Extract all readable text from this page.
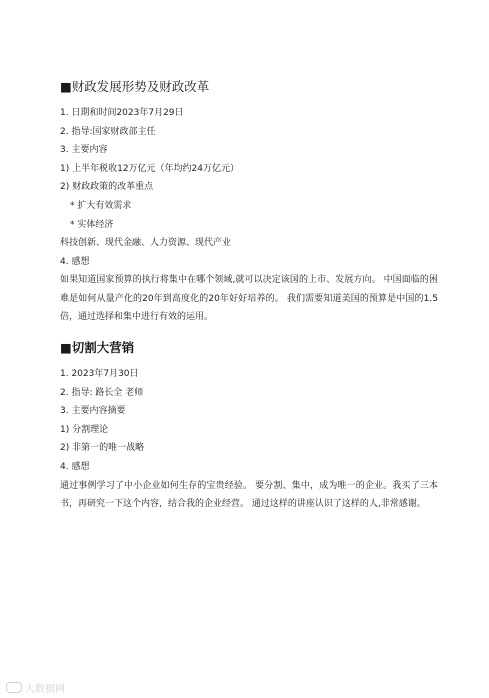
■财政发展形势及财政改革
1. 日期和时间2023年7月29日
2. 指导:国家财政部主任
3. 主要内容
1) 上半年税收12万亿元（年均约24万亿元）
2) 财政政策的改革重点
* 扩大有效需求
* 实体经济
科技创新、现代金融、人力资源、现代产业
4. 感想
如果知道国家预算的执行将集中在哪个领域,就可以决定该国的上市、发展方向。 中国面临的困难是如何从量产化的20年到高度化的20年好好培养的。 我们需要知道美国的预算是中国的1.5倍，通过选择和集中进行有效的运用。
■切割大营销
1. 2023年7月30日
2. 指导: 路长全 老师
3. 主要内容摘要
1) 分割理论
2) 非第一的唯一战略
4. 感想
通过事例学习了中小企业如何生存的宝贵经验。 要分割、集中，成为唯一的企业。我买了三本书，再研究一下这个内容，结合我的企业经营。 通过这样的讲座认识了这样的人,非常感谢。
大数据网
